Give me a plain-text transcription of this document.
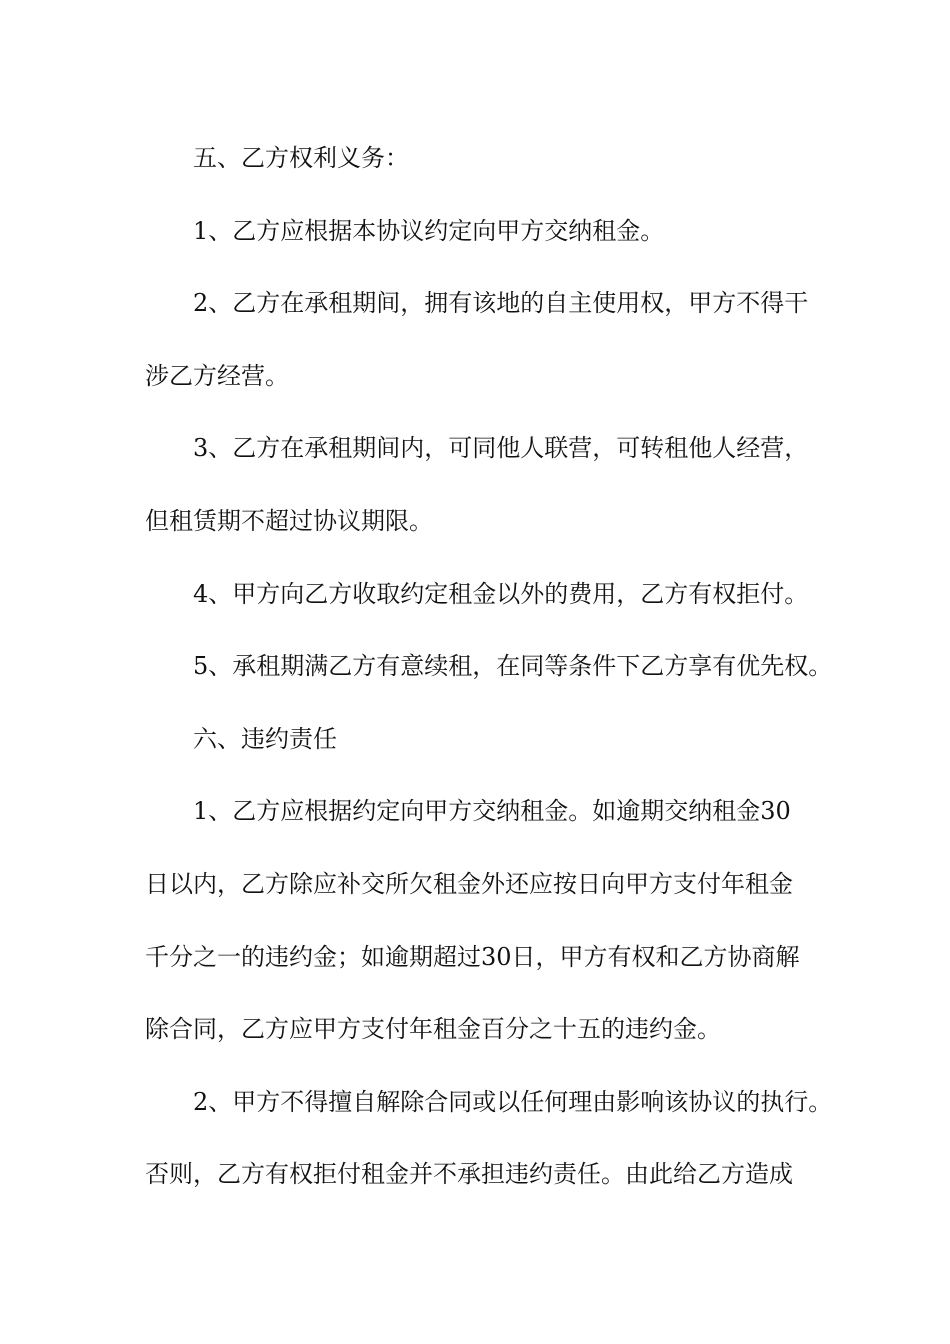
五、乙方权利义务：
1、乙方应根据本协议约定向甲方交纳租金。
2、乙方在承租期间，拥有该地的自主使用权，甲方不得干
涉乙方经营。
3、乙方在承租期间内，可同他人联营，可转租他人经营，
但租赁期不超过协议期限。
4、甲方向乙方收取约定租金以外的费用，乙方有权拒付。
5、承租期满乙方有意续租，在同等条件下乙方享有优先权。
六、违约责任
1、乙方应根据约定向甲方交纳租金。如逾期交纳租金30
日以内，乙方除应补交所欠租金外还应按日向甲方支付年租金
千分之一的违约金；如逾期超过30日，甲方有权和乙方协商解
除合同，乙方应甲方支付年租金百分之十五的违约金。
2、甲方不得擅自解除合同或以任何理由影响该协议的执行。
否则，乙方有权拒付租金并不承担违约责任。由此给乙方造成
